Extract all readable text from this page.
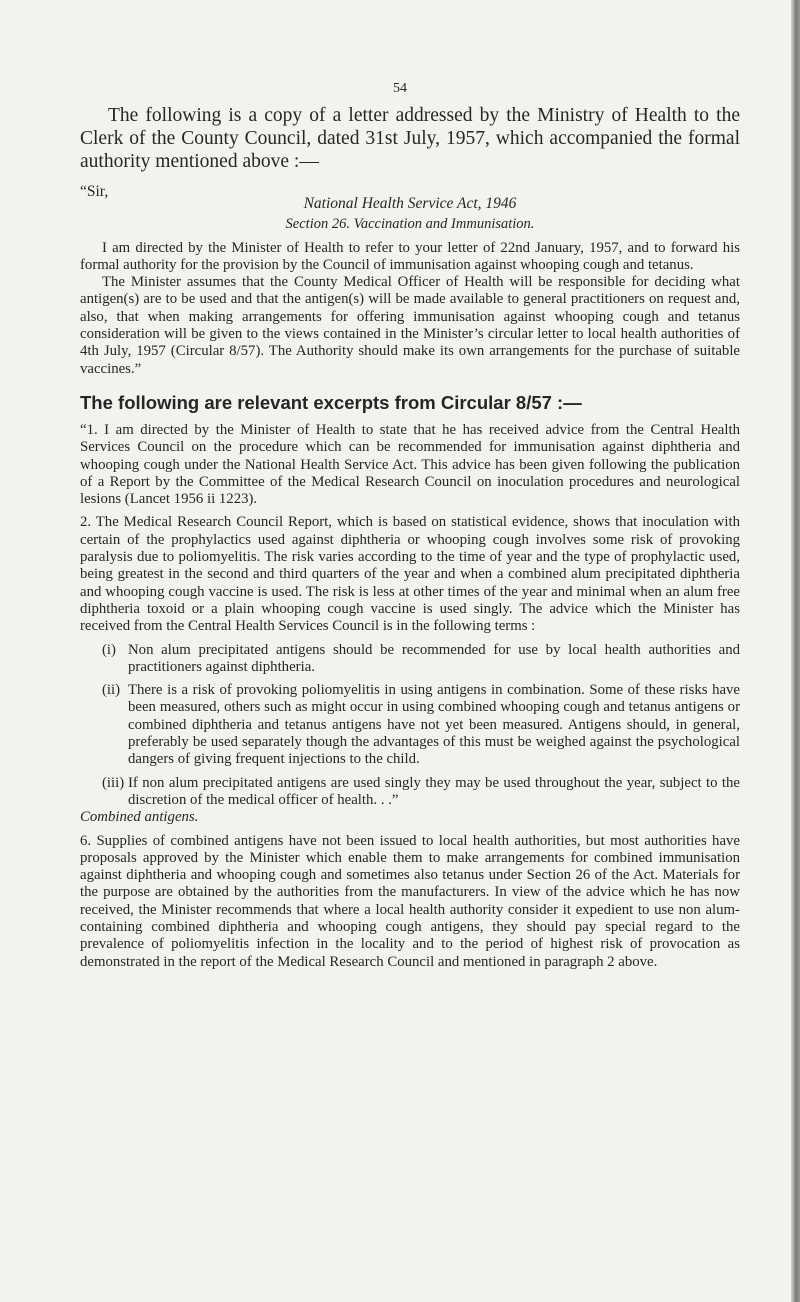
54

The following is a copy of a letter addressed by the Ministry of Health to the Clerk of the County Council, dated 31st July, 1957, which accompanied the formal authority mentioned above :—

“Sir,

National Health Service Act, 1946

Section 26. Vaccination and Immunisation.

I am directed by the Minister of Health to refer to your letter of 22nd January, 1957, and to forward his formal authority for the provision by the Council of immunisation against whooping cough and tetanus.

The Minister assumes that the County Medical Officer of Health will be responsible for deciding what antigen(s) are to be used and that the antigen(s) will be made available to general practitioners on request and, also, that when making arrangements for offering immunisation against whooping cough and tetanus consideration will be given to the views contained in the Minister’s circular letter to local health authorities of 4th July, 1957 (Circular 8/57). The Authority should make its own arrangements for the purchase of suitable vaccines.”

The following are relevant excerpts from Circular 8/57 :—

“1. I am directed by the Minister of Health to state that he has received advice from the Central Health Services Council on the procedure which can be recommended for immunisation against diphtheria and whooping cough under the National Health Service Act. This advice has been given following the publication of a Report by the Committee of the Medical Research Council on inoculation procedures and neurological lesions (Lancet 1956 ii 1223).

2. The Medical Research Council Report, which is based on statistical evidence, shows that inoculation with certain of the prophylactics used against diphtheria or whooping cough involves some risk of provoking paralysis due to poliomyelitis. The risk varies according to the time of year and the type of prophylactic used, being greatest in the second and third quarters of the year and when a combined alum precipitated diphtheria and whooping cough vaccine is used. The risk is less at other times of the year and minimal when an alum free diphtheria toxoid or a plain whooping cough vaccine is used singly. The advice which the Minister has received from the Central Health Services Council is in the following terms :

(i) Non alum precipitated antigens should be recommended for use by local health authorities and practitioners against diphtheria.
(ii) There is a risk of provoking poliomyelitis in using antigens in combination. Some of these risks have been measured, others such as might occur in using combined whooping cough and tetanus antigens or combined diphtheria and tetanus antigens have not yet been measured. Antigens should, in general, preferably be used separately though the advantages of this must be weighed against the psychological dangers of giving frequent injections to the child.
(iii) If non alum precipitated antigens are used singly they may be used throughout the year, subject to the discretion of the medical officer of health. . .”

Combined antigens.

6. Supplies of combined antigens have not been issued to local health authorities, but most authorities have proposals approved by the Minister which enable them to make arrangements for combined immunisation against diphtheria and whooping cough and sometimes also tetanus under Section 26 of the Act. Materials for the purpose are obtained by the authorities from the manufacturers. In view of the advice which he has now received, the Minister recommends that where a local health authority consider it expedient to use non alum-containing combined diphtheria and whooping cough antigens, they should pay special regard to the prevalence of poliomyelitis infection in the locality and to the period of highest risk of provocation as demonstrated in the report of the Medical Research Council and mentioned in paragraph 2 above.
